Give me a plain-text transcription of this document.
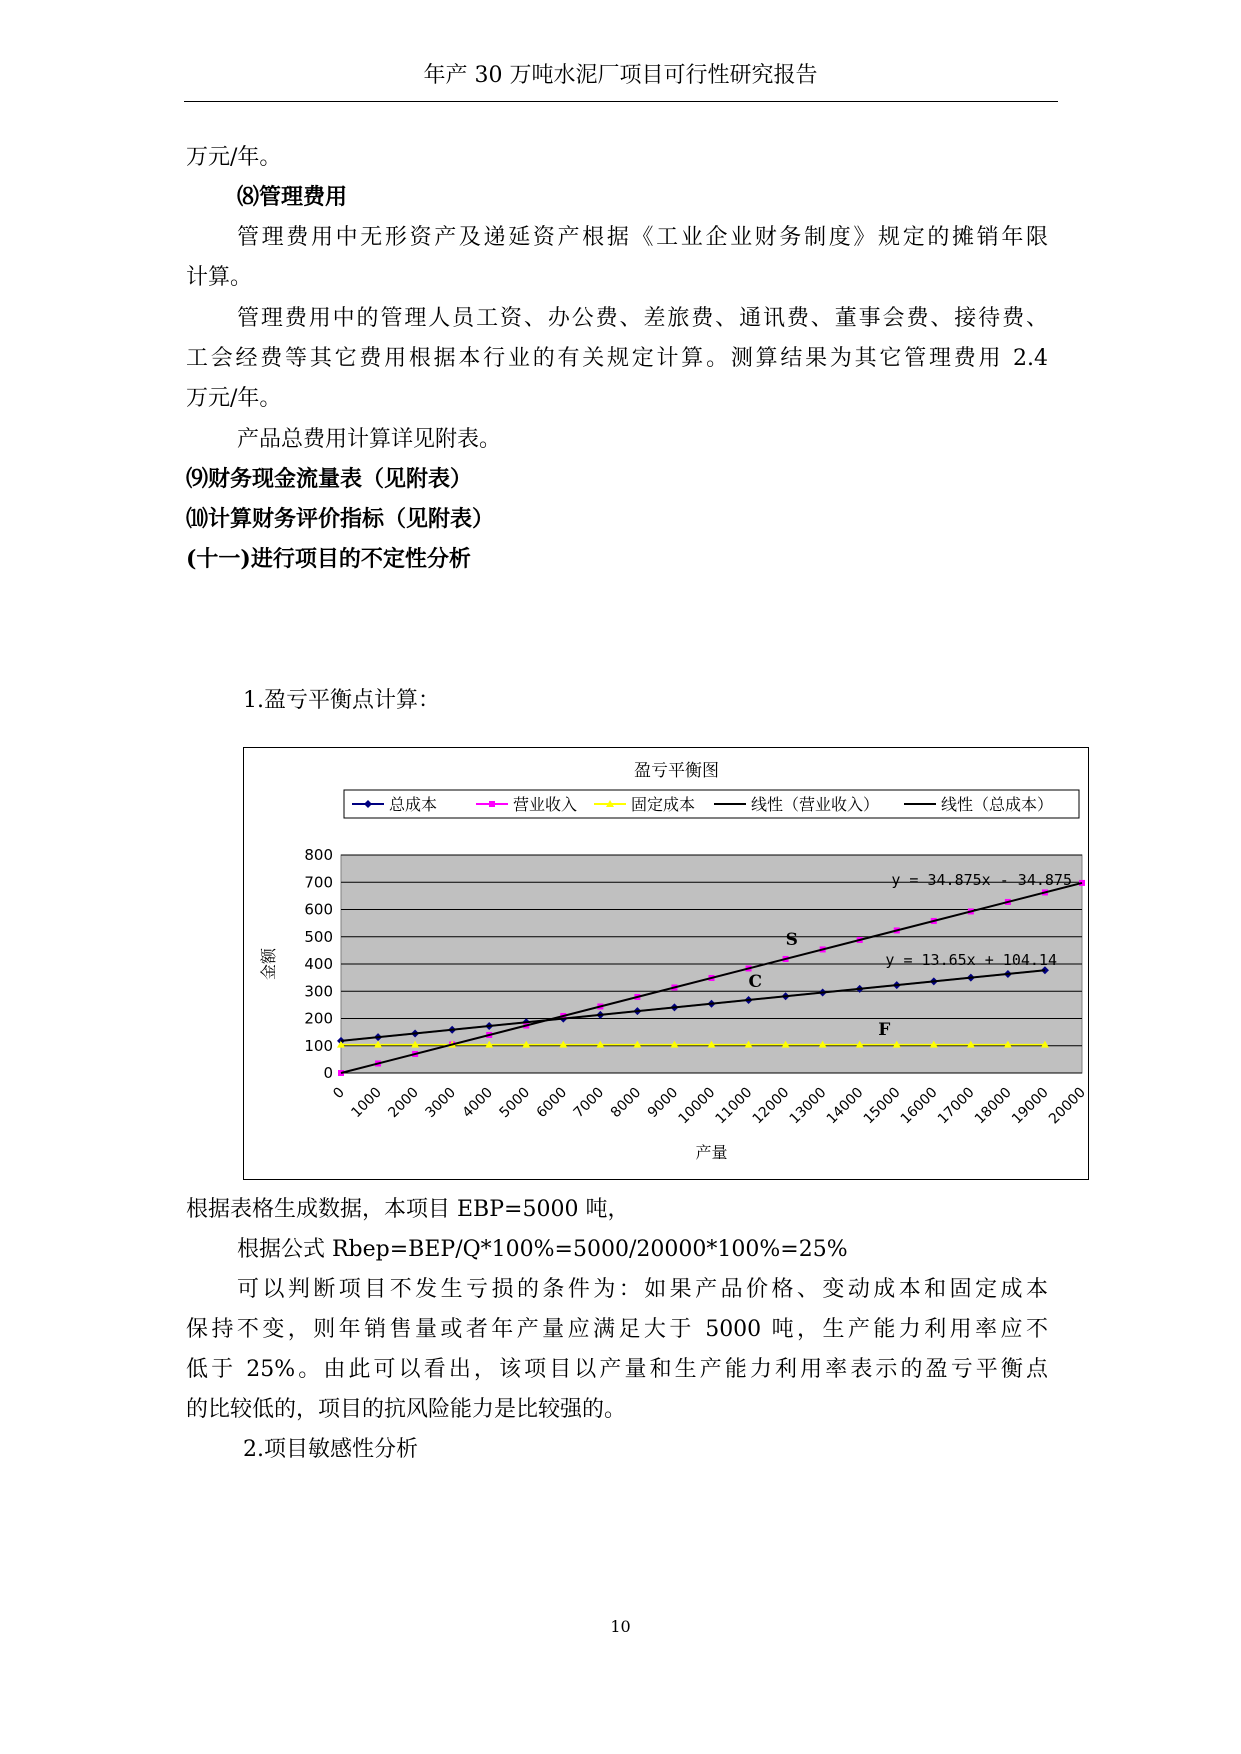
年产 30 万吨水泥厂项目可行性研究报告
万元/年。
⑻管理费用
管理费用中无形资产及递延资产根据《工业企业财务制度》规定的摊销年限
计算。
管理费用中的管理人员工资、办公费、差旅费、通讯费、董事会费、接待费、
工会经费等其它费用根据本行业的有关规定计算。测算结果为其它管理费用 2.4
万元/年。
产品总费用计算详见附表。
⑼财务现金流量表（见附表）
⑽计算财务评价指标（见附表）
(十一)进行项目的不定性分析
1.盈亏平衡点计算：
盈亏平衡图
总成本	营业收入	固定成本	线性（营业收入）	线性（总成本）
0
100
200
300
400
500
600
700
800
0 1000 2000 3000 4000 5000 6000 7000 8000 9000
10000
11000
12000
13000
14000
15000
16000
17000
18000
19000
20000
产量
金额
y = 34.875x - 34.875
y = 13.65x + 104.14
S
C
F
根据表格生成数据，本项目 EBP=5000 吨，
根据公式 Rbep=BEP/Q*100%=5000/20000*100%=25%
可以判断项目不发生亏损的条件为：如果产品价格、变动成本和固定成本
保持不变，则年销售量或者年产量应满足大于 5000 吨，生产能力利用率应不
低于 25%。由此可以看出，该项目以产量和生产能力利用率表示的盈亏平衡点
的比较低的，项目的抗风险能力是比较强的。
2.项目敏感性分析
10
